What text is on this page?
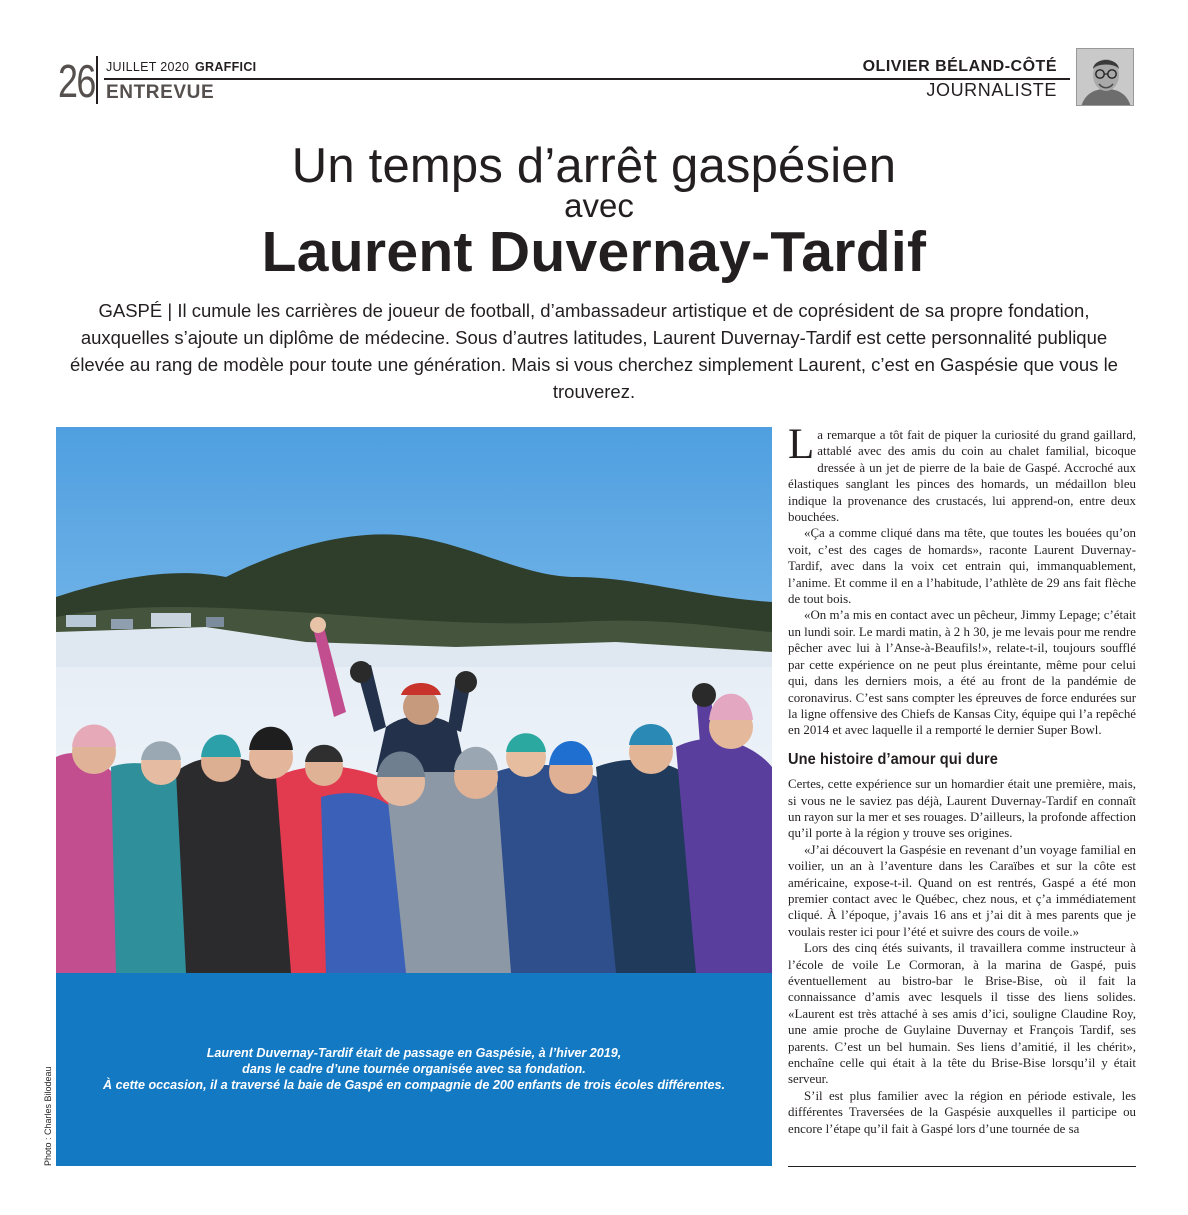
26 JUILLET 2020 GRAFFICI
ENTREVUE
OLIVIER BÉLAND-CÔTÉ
JOURNALISTE
Un temps d’arrêt gaspésien
avec
Laurent Duvernay-Tardif
GASPÉ | Il cumule les carrières de joueur de football, d’ambassadeur artistique et de coprésident de sa propre fondation, auxquelles s’ajoute un diplôme de médecine. Sous d’autres latitudes, Laurent Duvernay-Tardif est cette personnalité publique élevée au rang de modèle pour toute une génération. Mais si vous cherchez simplement Laurent, c’est en Gaspésie que vous le trouverez.
Laurent Duvernay-Tardif était de passage en Gaspésie, à l’hiver 2019,
dans le cadre d’une tournée organisée avec sa fondation.
À cette occasion, il a traversé la baie de Gaspé en compagnie de 200 enfants de trois écoles différentes.
Photo : Charles Bilodeau

La remarque a tôt fait de piquer la curiosité du grand gaillard, attablé avec des amis du coin au chalet familial, bicoque dressée à un jet de pierre de la baie de Gaspé. Accroché aux élastiques sanglant les pinces des homards, un médaillon bleu indique la provenance des crustacés, lui apprend-on, entre deux bouchées.

«Ça a comme cliqué dans ma tête, que toutes les bouées qu’on voit, c’est des cages de homards», raconte Laurent Duvernay-Tardif, avec dans la voix cet entrain qui, immanquablement, l’anime. Et comme il en a l’habitude, l’athlète de 29 ans fait flèche de tout bois.

«On m’a mis en contact avec un pêcheur, Jimmy Lepage; c’était un lundi soir. Le mardi matin, à 2 h 30, je me levais pour me rendre pêcher avec lui à l’Anse-à-Beaufils!», relate-t-il, toujours soufflé par cette expérience on ne peut plus éreintante, même pour celui qui, dans les derniers mois, a été au front de la pandémie de coronavirus. C’est sans compter les épreuves de force endurées sur la ligne offensive des Chiefs de Kansas City, équipe qui l’a repêché en 2014 et avec laquelle il a remporté le dernier Super Bowl.

Une histoire d’amour qui dure

Certes, cette expérience sur un homardier était une première, mais, si vous ne le saviez pas déjà, Laurent Duvernay-Tardif en connaît un rayon sur la mer et ses rouages. D’ailleurs, la profonde affection qu’il porte à la région y trouve ses origines.

«J’ai découvert la Gaspésie en revenant d’un voyage familial en voilier, un an à l’aventure dans les Caraïbes et sur la côte est américaine, expose-t-il. Quand on est rentrés, Gaspé a été mon premier contact avec le Québec, chez nous, et ç’a immédiatement cliqué. À l’époque, j’avais 16 ans et j’ai dit à mes parents que je voulais rester ici pour l’été et suivre des cours de voile.»

Lors des cinq étés suivants, il travaillera comme instructeur à l’école de voile Le Cormoran, à la marina de Gaspé, puis éventuellement au bistro-bar le Brise-Bise, où il fait la connaissance d’amis avec lesquels il tisse des liens solides. «Laurent est très attaché à ses amis d’ici, souligne Claudine Roy, une amie proche de Guylaine Duvernay et François Tardif, ses parents. C’est un bel humain. Ses liens d’amitié, il les chérit», enchaîne celle qui était à la tête du Brise-Bise lorsqu’il y était serveur.

S’il est plus familier avec la région en période estivale, les différentes Traversées de la Gaspésie auxquelles il participe ou encore l’étape qu’il fait à Gaspé lors d’une tournée de sa
